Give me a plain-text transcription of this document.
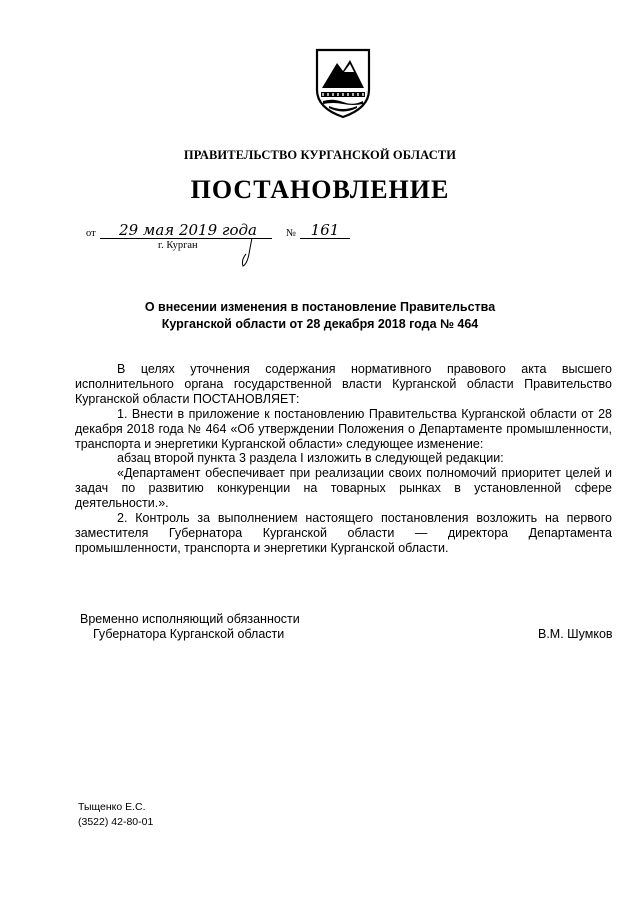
ПРАВИТЕЛЬСТВО КУРГАНСКОЙ ОБЛАСТИ
ПОСТАНОВЛЕНИЕ
от	29 мая 2019 года	№ 161
г. Курган
О внесении изменения в постановление Правительства
Курганской области от 28 декабря 2018 года № 464

В целях уточнения содержания нормативного правового акта высшего исполнительного органа государственной власти Курганской области Правительство Курганской области ПОСТАНОВЛЯЕТ:

1. Внести в приложение к постановлению Правительства Курганской области от 28 декабря 2018 года № 464 «Об утверждении Положения о Департаменте промышленности, транспорта и энергетики Курганской области» следующее изменение:

абзац второй пункта 3 раздела I изложить в следующей редакции:

«Департамент обеспечивает при реализации своих полномочий приоритет целей и задач по развитию конкуренции на товарных рынках в установленной сфере деятельности.».

2. Контроль за выполнением настоящего постановления возложить на первого заместителя Губернатора Курганской области — директора Департамента промышленности, транспорта и энергетики Курганской области.

Временно исполняющий обязанности
Губернатора Курганской области	В.М. Шумков
Тыщенко Е.С.
(3522) 42-80-01
